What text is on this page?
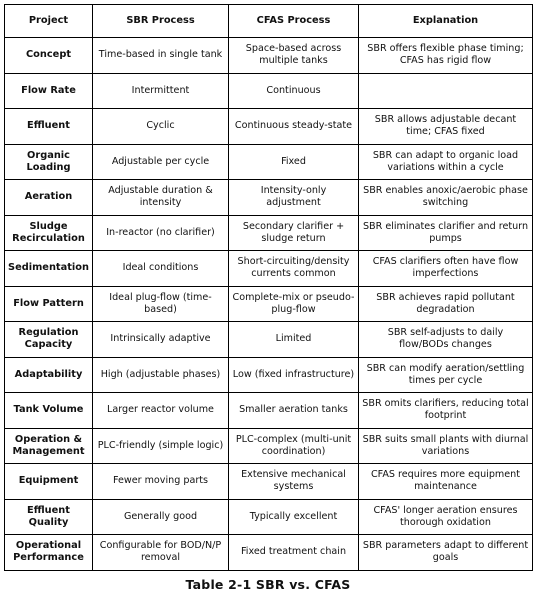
Project	SBR Process	CFAS Process	Explanation
Concept	Time-based in single tank	Space-based across multiple tanks	SBR offers flexible phase timing; CFAS has rigid flow
Flow Rate	Intermittent	Continuous	
Effluent	Cyclic	Continuous steady-state	SBR allows adjustable decant time; CFAS fixed
Organic Loading	Adjustable per cycle	Fixed	SBR can adapt to organic load variations within a cycle
Aeration	Adjustable duration & intensity	Intensity-only adjustment	SBR enables anoxic/aerobic phase switching
Sludge Recirculation	In-reactor (no clarifier)	Secondary clarifier + sludge return	SBR eliminates clarifier and return pumps
Sedimentation	Ideal conditions	Short-circuiting/density currents common	CFAS clarifiers often have flow imperfections
Flow Pattern	Ideal plug-flow (time-based)	Complete-mix or pseudo-plug-flow	SBR achieves rapid pollutant degradation
Regulation Capacity	Intrinsically adaptive	Limited	SBR self-adjusts to daily flow/BODs changes
Adaptability	High (adjustable phases)	Low (fixed infrastructure)	SBR can modify aeration/settling times per cycle
Tank Volume	Larger reactor volume	Smaller aeration tanks	SBR omits clarifiers, reducing total footprint
Operation & Management	PLC-friendly (simple logic)	PLC-complex (multi-unit coordination)	SBR suits small plants with diurnal variations
Equipment	Fewer moving parts	Extensive mechanical systems	CFAS requires more equipment maintenance
Effluent Quality	Generally good	Typically excellent	CFAS' longer aeration ensures thorough oxidation
Operational Performance	Configurable for BOD/N/P removal	Fixed treatment chain	SBR parameters adapt to different goals
Table 2-1 SBR vs. CFAS
